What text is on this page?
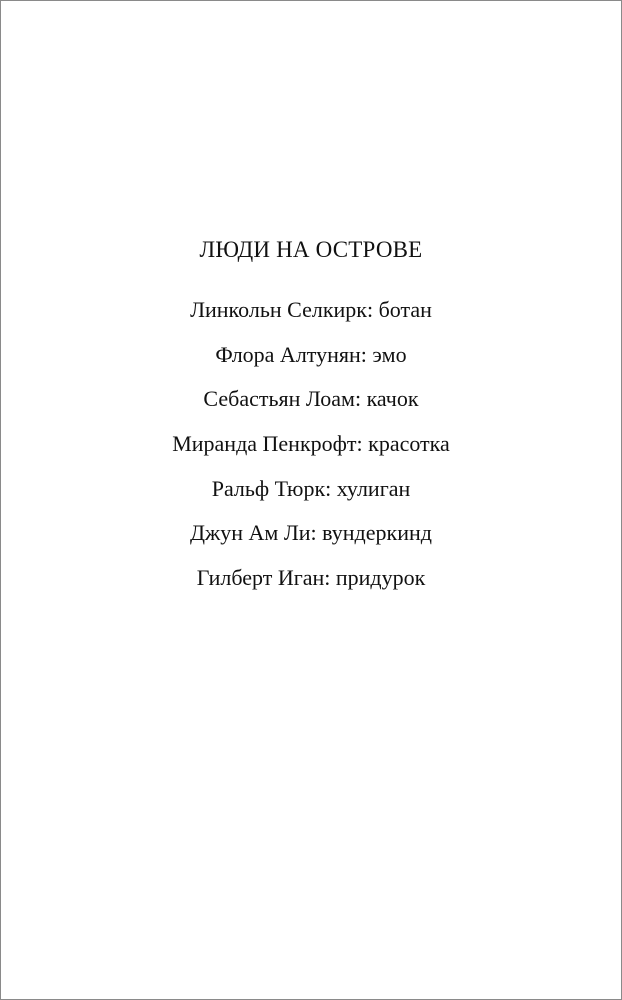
ЛЮДИ НА ОСТРОВЕ
Линкольн Селкирк: ботан
Флора Алтунян: эмо
Себастьян Лоам: качок
Миранда Пенкрофт: красотка
Ральф Тюрк: хулиган
Джун Ам Ли: вундеркинд
Гилберт Иган: придурок
